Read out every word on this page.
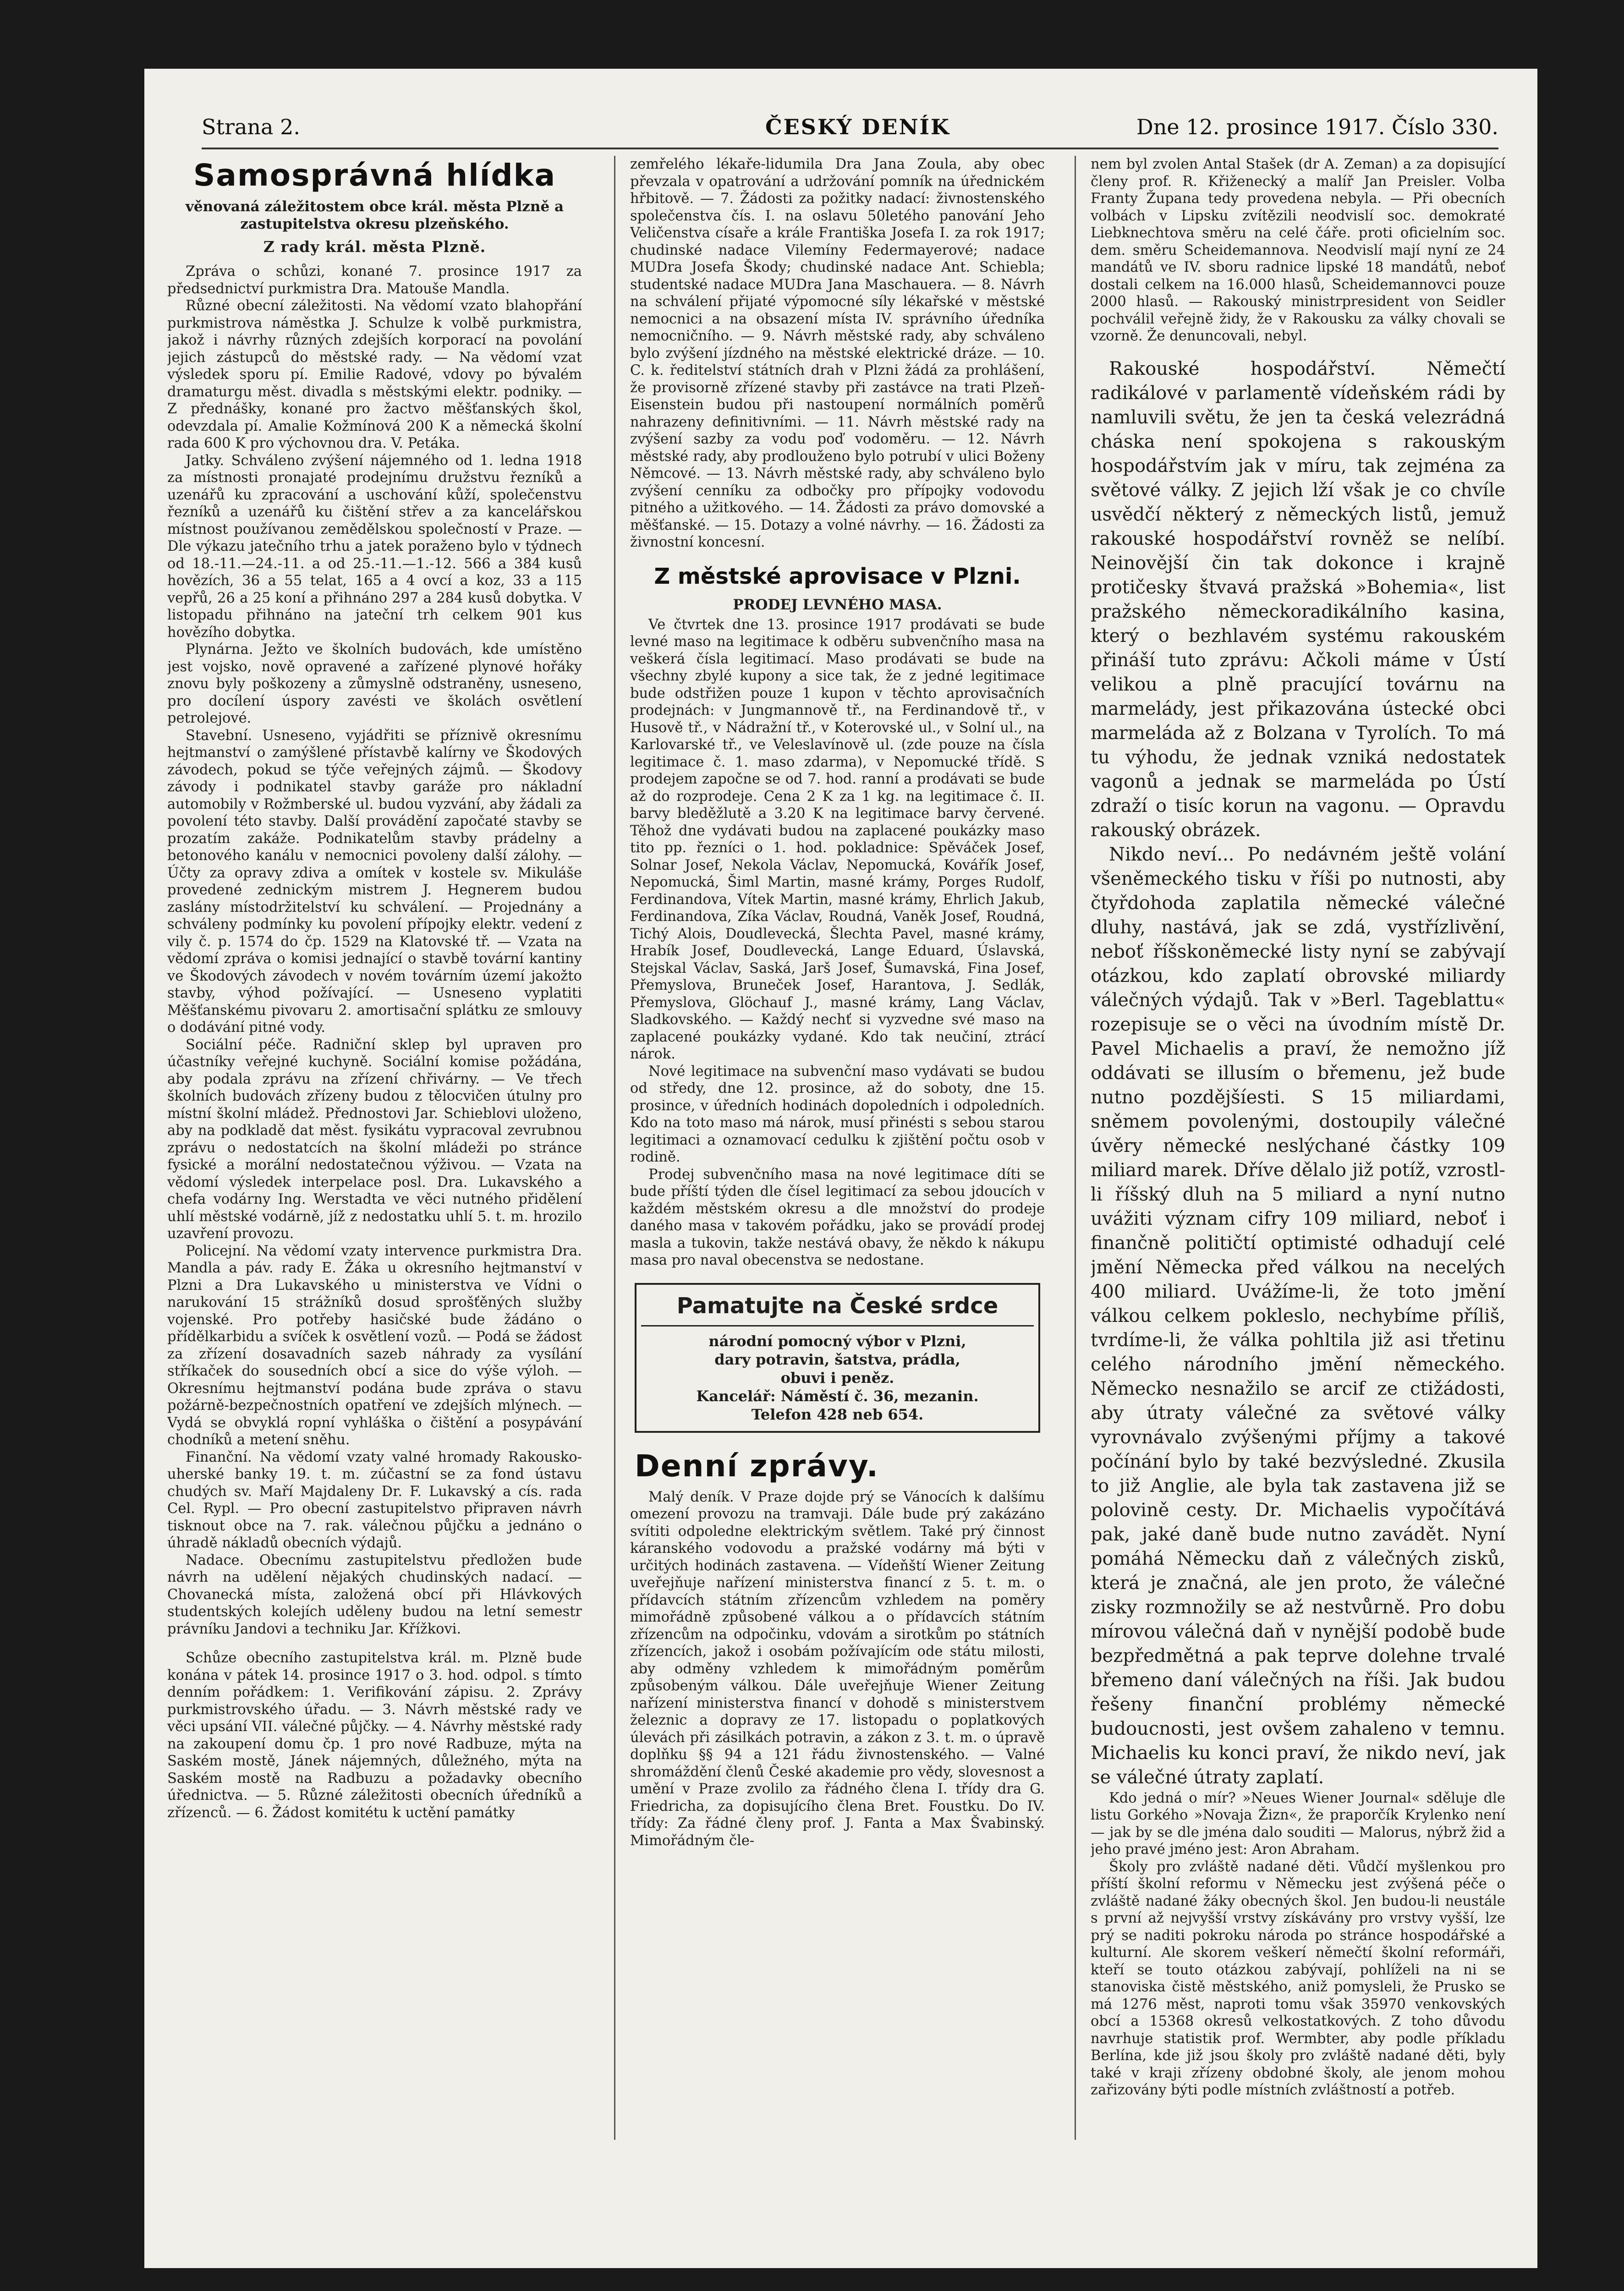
Strana 2.	ČESKÝ DENÍK	Dne 12. prosince 1917. Číslo 330.
Samosprávná hlídka
věnovaná záležitostem obce král. města Plzně a zastupitelstva okresu plzeňského.
Z rady král. města Plzně.

Zpráva o schůzi, konané 7. prosince 1917 za předsednictví purkmistra Dra. Matouše Mandla.

Různé obecní záležitosti. Na vědomí vzato blahopřání purkmistrova náměstka J. Schulze k volbě purkmistra, jakož i návrhy různých zdejších korporací na povolání jejich zástupců do městské rady. — Na vědomí vzat výsledek sporu pí. Emilie Radové, vdovy po bývalém dramaturgu měst. divadla s městskými elektr. podniky. — Z přednášky, konané pro žactvo měšťanských škol, odevzdala pí. Amalie Kožmínová 200 K a německá školní rada 600 K pro výchovnou dra. V. Petáka.

Jatky. Schváleno zvýšení nájemného od 1. ledna 1918 za místnosti pronajaté prodejnímu družstvu řezníků a uzenářů ku zpracování a uschování kůží, společenstvu řezníků a uzenářů ku čištění střev a za kancelářskou místnost používanou zemědělskou společností v Praze. — Dle výkazu jatečního trhu a jatek poraženo bylo v týdnech od 18.-11.—24.-11. a od 25.-11.—1.-12. 566 a 384 kusů hovězích, 36 a 55 telat, 165 a 4 ovcí a koz, 33 a 115 vepřů, 26 a 25 koní a přihnáno 297 a 284 kusů dobytka. V listopadu přihnáno na jateční trh celkem 901 kus hovězího dobytka.

Plynárna. Ježto ve školních budovách, kde umístěno jest vojsko, nově opravené a zařízené plynové hořáky znovu byly poškozeny a zůmyslně odstraněny, usneseno, pro docílení úspory zavésti ve školách osvětlení petrolejové.

Stavební. Usneseno, vyjádřiti se příznivě okresnímu hejtmanství o zamýšlené přístavbě kalírny ve Škodových závodech, pokud se týče veřejných zájmů. — Škodovy závody i podnikatel stavby garáže pro nákladní automobily v Rožmberské ul. budou vyzvání, aby žádali za povolení této stavby. Další provádění započaté stavby se prozatím zakáže. Podnikatelům stavby prádelny a betonového kanálu v nemocnici povoleny další zálohy. — Účty za opravy zdiva a omítek v kostele sv. Mikuláše provedené zednickým mistrem J. Hegnerem budou zaslány místodržitelství ku schválení. — Projednány a schváleny podmínky ku povolení přípojky elektr. vedení z vily č. p. 1574 do čp. 1529 na Klatovské tř. — Vzata na vědomí zpráva o komisi jednající o stavbě tovární kantiny ve Škodových závodech v novém továrním území jakožto stavby, výhod požívající. — Usneseno vyplatiti Měšťanskému pivovaru 2. amortisační splátku ze smlouvy o dodávání pitné vody.

Sociální péče. Radniční sklep byl upraven pro účastníky veřejné kuchyně. Sociální komise požádána, aby podala zprávu na zřízení chřivárny. — Ve třech školních budovách zřízeny budou z tělocvičen útulny pro místní školní mládež. Přednostovi Jar. Schieblovi uloženo, aby na podkladě dat měst. fysikátu vypracoval zevrubnou zprávu o nedostatcích na školní mládeži po stránce fysické a morální nedostatečnou výživou. — Vzata na vědomí výsledek interpelace posl. Dra. Lukavského a chefa vodárny Ing. Werstadta ve věci nutného přidělení uhlí městské vodárně, jíž z nedostatku uhlí 5. t. m. hrozilo uzavření provozu.

Policejní. Na vědomí vzaty intervence purkmistra Dra. Mandla a páv. rady E. Žáka u okresního hejtmanství v Plzni a Dra Lukavského u ministerstva ve Vídni o narukování 15 strážníků dosud sprošťěných služby vojenské. Pro potřeby hasičské bude žádáno o přídělkarbidu a svíček k osvětlení vozů. — Podá se žádost za zřízení dosavadních sazeb náhrady za vysílání stříkaček do sousedních obcí a sice do výše výloh. — Okresnímu hejtmanství podána bude zpráva o stavu požárně-bezpečnostních opatření ve zdejších mlýnech. — Vydá se obvyklá ropní vyhláška o čištění a posypávání chodníků a metení sněhu.

Finanční. Na vědomí vzaty valné hromady Rakousko-uherské banky 19. t. m. zúčastní se za fond ústavu chudých sv. Maří Majdaleny Dr. F. Lukavský a cís. rada Cel. Rypl. — Pro obecní zastupitelstvo připraven návrh tisknout obce na 7. rak. válečnou půjčku a jednáno o úhradě nákladů obecních výdajů.

Nadace. Obecnímu zastupitelstvu předložen bude návrh na udělení nějakých chudinských nadací. — Chovanecká místa, založená obcí při Hlávkových studentských kolejích uděleny budou na letní semestr právníku Jandovi a techniku Jar. Křížkovi.

Schůze obecního zastupitelstva král. m. Plzně bude konána v pátek 14. prosince 1917 o 3. hod. odpol. s tímto denním pořádkem: 1. Verifikování zápisu. 2. Zprávy purkmistrovského úřadu. — 3. Návrh městské rady ve věci upsání VII. válečné půjčky. — 4. Návrhy městské rady na zakoupení domu čp. 1 pro nové Radbuze, mýta na Saském mostě, Jánek nájemných, důležného, mýta na Saském mostě na Radbuzu a požadavky obecního úřednictva. — 5. Různé záležitosti obecních úředníků a zřízenců. — 6. Žádost komitétu k uctění památky

zemřelého lékaře-lidumila Dra Jana Zoula, aby obec převzala v opatrování a udržování pomník na úřednickém hřbitově. — 7. Žádosti za požitky nadací: živnostenského společenstva čís. I. na oslavu 50letého panování Jeho Veličenstva císaře a krále Františka Josefa I. za rok 1917; chudinské nadace Vilemíny Federmayerové; nadace MUDra Josefa Škody; chudinské nadace Ant. Schiebla; studentské nadace MUDra Jana Maschauera. — 8. Návrh na schválení přijaté výpomocné síly lékařské v městské nemocnici a na obsazení místa IV. správního úředníka nemocničního. — 9. Návrh městské rady, aby schváleno bylo zvýšení jízdného na městské elektrické dráze. — 10. C. k. ředitelství státních drah v Plzni žádá za prohlášení, že provisorně zřízené stavby při zastávce na trati Plzeň-Eisenstein budou při nastoupení normálních poměrů nahrazeny definitivními. — 11. Návrh městské rady na zvýšení sazby za vodu poď vodoměru. — 12. Návrh městské rady, aby prodlouženo bylo potrubí v ulici Boženy Němcové. — 13. Návrh městské rady, aby schváleno bylo zvýšení cenníku za odbočky pro přípojky vodovodu pitného a užitkového. — 14. Žádosti za právo domovské a měšťanské. — 15. Dotazy a volné návrhy. — 16. Žádosti za živnostní koncesní.

Z městské aprovisace v Plzni.
PRODEJ LEVNÉHO MASA.

Ve čtvrtek dne 13. prosince 1917 prodávati se bude levné maso na legitimace k odběru subvenčního masa na veškerá čísla legitimací. Maso prodávati se bude na všechny zbylé kupony a sice tak, že z jedné legitimace bude odstřižen pouze 1 kupon v těchto aprovisačních prodejnách: v Jungmannově tř., na Ferdinandově tř., v Husově tř., v Nádražní tř., v Koterovské ul., v Solní ul., na Karlovarské tř., ve Veleslavínově ul. (zde pouze na čísla legitimace č. 1. maso zdarma), v Nepomucké třídě. S prodejem započne se od 7. hod. ranní a prodávati se bude až do rozprodeje. Cena 2 K za 1 kg. na legitimace č. II. barvy bleděžlutě a 3.20 K na legitimace barvy červené. Těhož dne vydávati budou na zaplacené poukázky maso tito pp. řezníci o 1. hod. pokladnice: Spěváček Josef, Solnar Josef, Nekola Václav, Nepomucká, Kovářík Josef, Nepomucká, Šiml Martin, masné krámy, Porges Rudolf, Ferdinandova, Vítek Martin, masné krámy, Ehrlich Jakub, Ferdinandova, Zíka Václav, Roudná, Vaněk Josef, Roudná, Tichý Alois, Doudlevecká, Šlechta Pavel, masné krámy, Hrabík Josef, Doudlevecká, Lange Eduard, Úslavská, Stejskal Václav, Saská, Jarš Josef, Šumavská, Fina Josef, Přemyslova, Bruneček Josef, Harantova, J. Sedlák, Přemyslova, Glöchauf J., masné krámy, Lang Václav, Sladkovského. — Každý nechť si vyzvedne své maso na zaplacené poukázky vydané. Kdo tak neučiní, ztrácí nárok.

Nové legitimace na subvenční maso vydávati se budou od středy, dne 12. prosince, až do soboty, dne 15. prosince, v úředních hodinách dopoledních i odpoledních. Kdo na toto maso má nárok, musí přinésti s sebou starou legitimaci a oznamovací cedulku k zjištění počtu osob v rodině.

Prodej subvenčního masa na nové legitimace díti se bude příští týden dle čísel legitimací za sebou jdoucích v každém městském okresu a dle množství do prodeje daného masa v takovém pořádku, jako se provádí prodej masla a tukovin, takže nestává obavy, že někdo k nákupu masa pro naval obecenstva se nedostane.

Pamatujte na České srdce
národní pomocný výbor v Plzni,
dary potravin, šatstva, prádla,
obuvi i peněz.
Kancelář: Náměstí č. 36, mezanin.
Telefon 428 neb 654.
Denní zprávy.

Malý deník. V Praze dojde prý se Vánocích k dalšímu omezení provozu na tramvaji. Dále bude prý zakázáno svítiti odpoledne elektrickým světlem. Také prý činnost káranského vodovodu a pražské vodárny má býti v určitých hodinách zastavena. — Vídeňští Wiener Zeitung uveřejňuje nařízení ministerstva financí z 5. t. m. o přídavcích státním zřízencům vzhledem na poměry mimořádně způsobené válkou a o přídavcích státním zřízencům na odpočinku, vdovám a sirotkům po státních zřízencích, jakož i osobám požívajícím ode státu milosti, aby odměny vzhledem k mimořádným poměrům způsobeným válkou. Dále uveřejňuje Wiener Zeitung nařízení ministerstva financí v dohodě s ministerstvem železnic a dopravy ze 17. listopadu o poplatkových úlevách při zásilkách potravin, a zákon z 3. t. m. o úpravě doplňku §§ 94 a 121 řádu živnostenského. — Valné shromáždění členů České akademie pro vědy, slovesnost a umění v Praze zvolilo za řádného člena I. třídy dra G. Friedricha, za dopisujícího člena Bret. Foustku. Do IV. třídy: Za řádné členy prof. J. Fanta a Max Švabinský. Mimořádným čle-

nem byl zvolen Antal Stašek (dr A. Zeman) a za dopisující členy prof. R. Křiženecký a malíř Jan Preisler. Volba Franty Župana tedy provedena nebyla. — Při obecních volbách v Lipsku zvítězili neodvislí soc. demokraté Liebknechtova směru na celé čáře. proti oficielním soc. dem. směru Scheidemannova. Neodvislí mají nyní ze 24 mandátů ve IV. sboru radnice lipské 18 mandátů, neboť dostali celkem na 16.000 hlasů, Scheidemannovci pouze 2000 hlasů. — Rakouský ministrpresident von Seidler pochválil veřejně židy, že v Rakousku za války chovali se vzorně. Že denuncovali, nebyl.

Rakouské hospodářství. Němečtí radikálové v parlamentě vídeňském rádi by namluvili světu, že jen ta česká velezrádná cháska není spokojena s rakouským hospodářstvím jak v míru, tak zejména za světové války. Z jejich lží však je co chvíle usvědčí některý z německých listů, jemuž rakouské hospodářství rovněž se nelíbí. Neinovější čin tak dokonce i krajně protičesky štvavá pražská »Bohemia«, list pražského německoradikálního kasina, který o bezhlavém systému rakouském přináší tuto zprávu: Ačkoli máme v Ústí velikou a plně pracující továrnu na marmelády, jest přikazována ústecké obci marmeláda až z Bolzana v Tyrolích. To má tu výhodu, že jednak vzniká nedostatek vagonů a jednak se marmeláda po Ústí zdraží o tisíc korun na vagonu. — Opravdu rakouský obrázek.

Nikdo neví... Po nedávném ještě volání všeněmeckého tisku v říši po nutnosti, aby čtyřdohoda zaplatila německé válečné dluhy, nastává, jak se zdá, vystřízlivění, neboť říšskoněmecké listy nyní se zabývají otázkou, kdo zaplatí obrovské miliardy válečných výdajů. Tak v »Berl. Tageblattu« rozepisuje se o věci na úvodním místě Dr. Pavel Michaelis a praví, že nemožno jíž oddávati se illusím o břemenu, jež bude nutno pozdějšíesti. S 15 miliardami, sněmem povolenými, dostoupily válečné úvěry německé neslýchané částky 109 miliard marek. Dříve dělalo již potíž, vzrostl-li říšský dluh na 5 miliard a nyní nutno uvážiti význam cifry 109 miliard, neboť i finančně političtí optimisté odhadují celé jmění Německa před válkou na necelých 400 miliard. Uvážíme-li, že toto jmění válkou celkem pokleslo, nechybíme příliš, tvrdíme-li, že válka pohltila již asi třetinu celého národního jmění německého. Německo nesnažilo se arcif ze ctižádosti, aby útraty válečné za světové války vyrovnávalo zvýšenými příjmy a takové počínání bylo by také bezvýsledné. Zkusila to již Anglie, ale byla tak zastavena již se polovině cesty. Dr. Michaelis vypočítává pak, jaké daně bude nutno zavádět. Nyní pomáhá Německu daň z válečných zisků, která je značná, ale jen proto, že válečné zisky rozmnožily se až nestvůrně. Pro dobu mírovou válečná daň v nynější podobě bude bezpředmětná a pak teprve dolehne trvalé břemeno daní válečných na říši. Jak budou řešeny finanční problémy německé budoucnosti, jest ovšem zahaleno v temnu. Michaelis ku konci praví, že nikdo neví, jak se válečné útraty zaplatí.

Kdo jedná o mír? »Neues Wiener Journal« sděluje dle listu Gorkého »Novaja Žizn«, že praporčík Krylenko není — jak by se dle jména dalo souditi — Malorus, nýbrž žid a jeho pravé jméno jest: Aron Abraham.

Školy pro zvláště nadané děti. Vůdčí myšlenkou pro příští školní reformu v Německu jest zvýšená péče o zvláště nadané žáky obecných škol. Jen budou-li neustále s první až nejvyšší vrstvy získávány pro vrstvy vyšší, lze prý se naditi pokroku národa po stránce hospodářské a kulturní. Ale skorem veškerí němečtí školní reformáři, kteří se touto otázkou zabývají, pohlíželi na ni se stanoviska čistě městského, aniž pomysleli, že Prusko se má 1276 měst, naproti tomu však 35970 venkovských obcí a 15368 okresů velkostatkových. Z toho důvodu navrhuje statistik prof. Wermbter, aby podle příkladu Berlína, kde již jsou školy pro zvláště nadané děti, byly také v kraji zřízeny obdobné školy, ale jenom mohou zařizovány býti podle místních zvláštností a potřeb.
